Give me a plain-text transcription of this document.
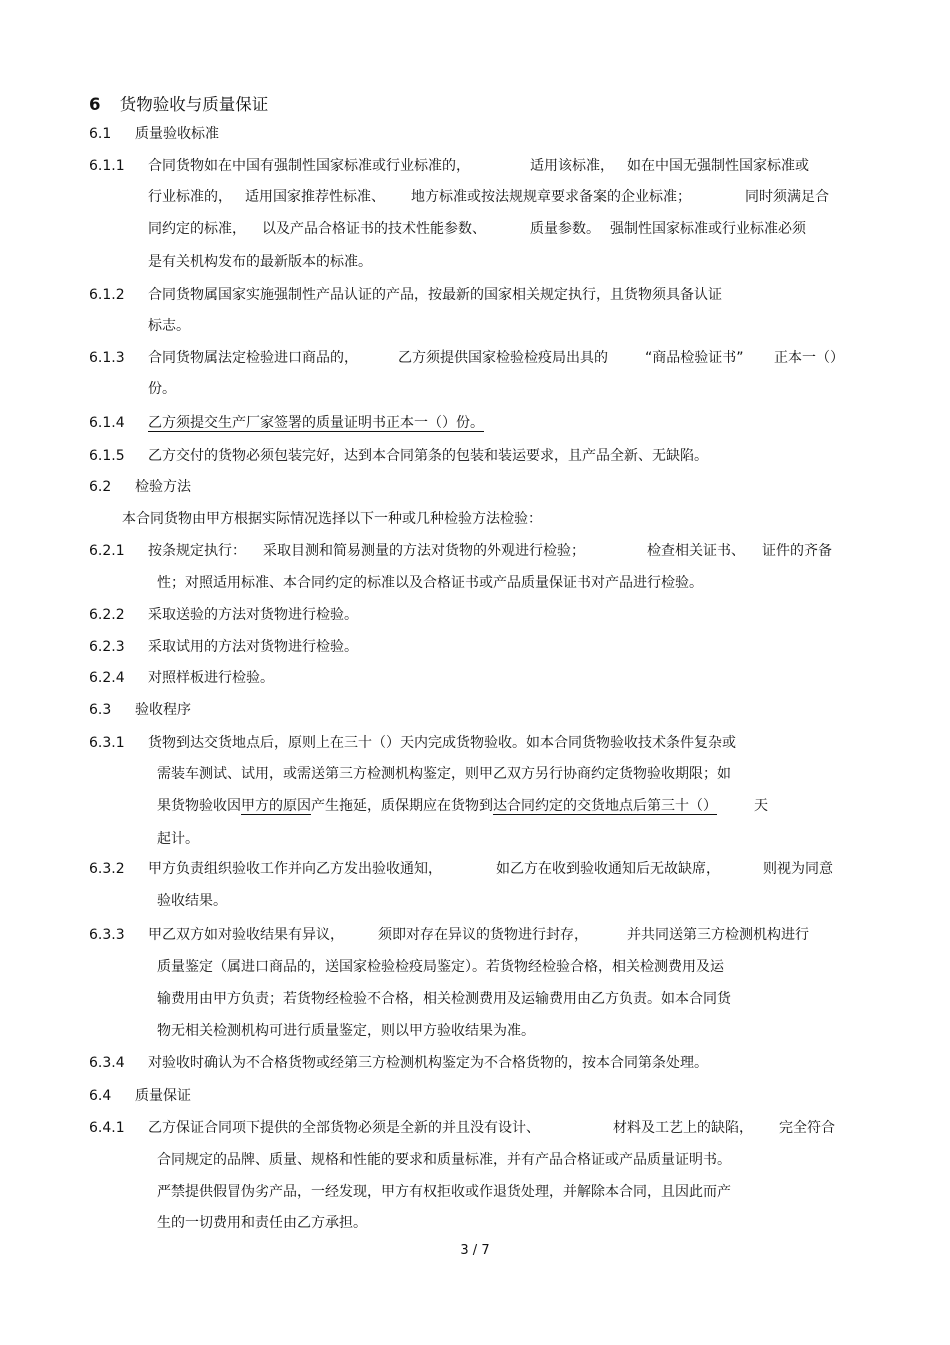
6 货物验收与质量保证
6.1 质量验收标准
6.1.1 合同货物如在中国有强制性国家标准或行业标准的，	适用该标准， 如在中国无强制性国家标准或
行业标准的， 适用国家推荐性标准、 地方标准或按法规规章要求备案的企业标准；	同时须满足合
同约定的标准， 以及产品合格证书的技术性能参数、	质量参数。 强制性国家标准或行业标准必须
是有关机构发布的最新版本的标准。
6.1.2 合同货物属国家实施强制性产品认证的产品，按最新的国家相关规定执行，且货物须具备认证
标志。
6.1.3 合同货物属法定检验进口商品的，	乙方须提供国家检验检疫局出具的	“商品检验证书” 正本一（）
份。
6.1.4 乙方须提交生产厂家签署的质量证明书正本一（）份。
6.1.5 乙方交付的货物必须包装完好，达到本合同第条的包装和装运要求，且产品全新、无缺陷。
6.2 检验方法
本合同货物由甲方根据实际情况选择以下一种或几种检验方法检验：
6.2.1 按条规定执行： 采取目测和简易测量的方法对货物的外观进行检验；	检查相关证书、 证件的齐备
性；对照适用标准、本合同约定的标准以及合格证书或产品质量保证书对产品进行检验。
6.2.2 采取送验的方法对货物进行检验。
6.2.3 采取试用的方法对货物进行检验。
6.2.4 对照样板进行检验。
6.3 验收程序
6.3.1 货物到达交货地点后，原则上在三十（）天内完成货物验收。如本合同货物验收技术条件复杂或
需装车测试、试用，或需送第三方检测机构鉴定，则甲乙双方另行协商约定货物验收期限；如
果货物验收因甲方的原因产生拖延，质保期应在货物到达合同约定的交货地点后第三十（）	天
起计。
6.3.2 甲方负责组织验收工作并向乙方发出验收通知，	如乙方在收到验收通知后无故缺席，	则视为同意
验收结果。
6.3.3 甲乙双方如对验收结果有异议， 须即对存在异议的货物进行封存，	并共同送第三方检测机构进行
质量鉴定（属进口商品的，送国家检验检疫局鉴定）。若货物经检验合格，相关检测费用及运
输费用由甲方负责；若货物经检验不合格，相关检测费用及运输费用由乙方负责。如本合同货
物无相关检测机构可进行质量鉴定，则以甲方验收结果为准。
6.3.4 对验收时确认为不合格货物或经第三方检测机构鉴定为不合格货物的，按本合同第条处理。
6.4 质量保证
6.4.1 乙方保证合同项下提供的全部货物必须是全新的并且没有设计、	材料及工艺上的缺陷， 完全符合
合同规定的品牌、质量、规格和性能的要求和质量标准，并有产品合格证或产品质量证明书。
严禁提供假冒伪劣产品，一经发现，甲方有权拒收或作退货处理，并解除本合同，且因此而产
生的一切费用和责任由乙方承担。
3 / 7
